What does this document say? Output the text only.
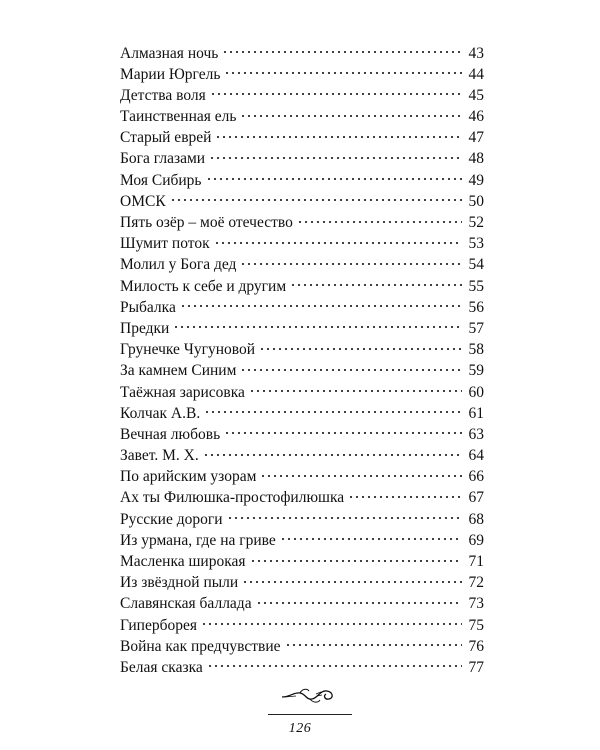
Алмазная ночь	43
Марии Юргель	44
Детства воля	45
Таинственная ель	46
Старый еврей	47
Бога глазами	48
Моя Сибирь	49
ОМСК	50
Пять озёр – моё отечество	52
Шумит поток	53
Молил у Бога дед	54
Милость к себе и другим	55
Рыбалка	56
Предки	57
Грунечке Чугуновой	58
За камнем Синим	59
Таёжная зарисовка	60
Колчак А.В.	61
Вечная любовь	63
Завет. М. Х.	64
По арийским узорам	66
Ах ты Филюшка-простофилюшка	67
Русские дороги	68
Из урмана, где на гриве	69
Масленка широкая	71
Из звёздной пыли	72
Славянская баллада	73
Гиперборея	75
Война как предчувствие	76
Белая сказка	77
126
